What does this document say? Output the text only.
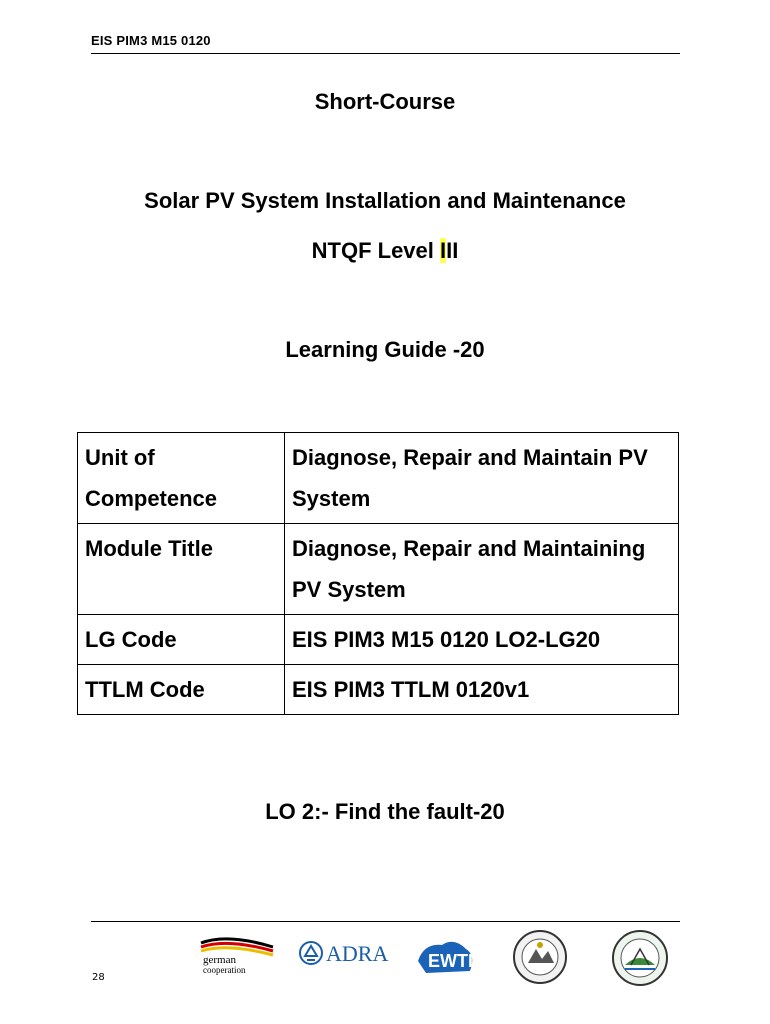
EIS PIM3 M15 0120
Short-Course
Solar PV System Installation and Maintenance
NTQF Level III
Learning Guide -20
Unit of Competence	Diagnose, Repair and Maintain PV System
Module Title	Diagnose, Repair and Maintaining PV System
LG Code	EIS PIM3 M15 0120 LO2-LG20
TTLM Code	EIS PIM3 TTLM 0120v1
LO 2:- Find the fault-20
28
german
cooperation
ADRA EWTI
